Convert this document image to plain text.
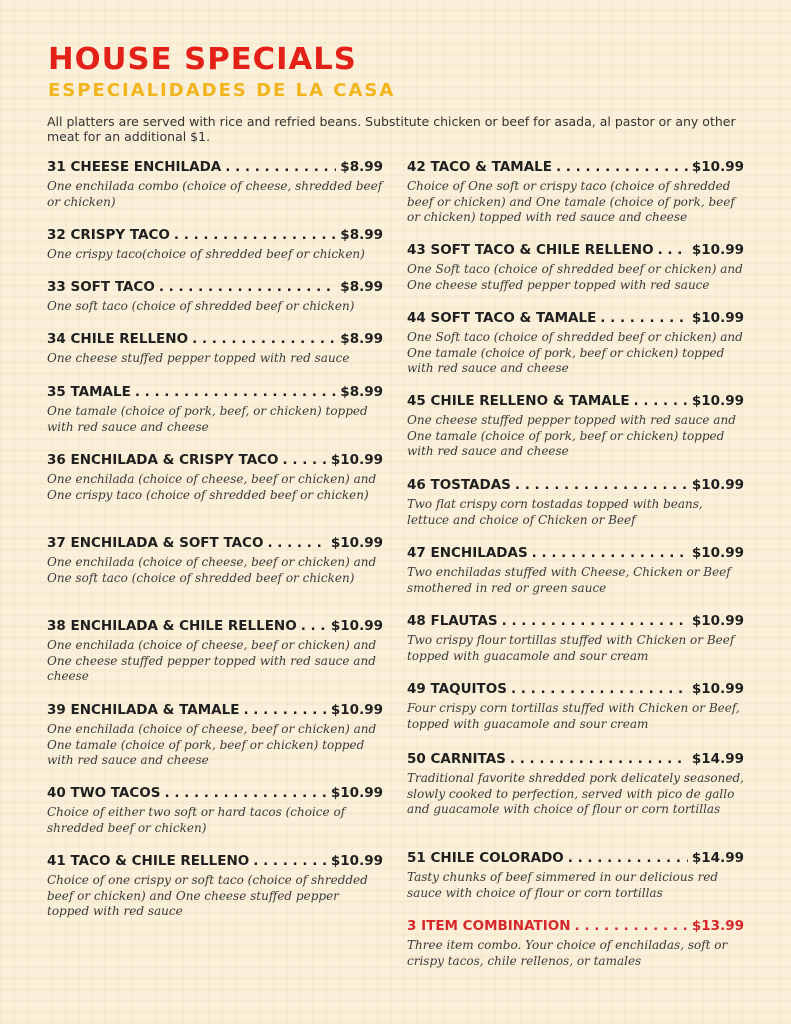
HOUSE SPECIALS
ESPECIALIDADES DE LA CASA
All platters are served with rice and refried beans. Substitute chicken or beef for asada, al pastor or any other meat for an additional $1.
31 CHEESE ENCHILADA . . .	$8.99
One enchilada combo (choice of cheese, shredded beef or chicken)
32 CRISPY TACO . . .	$8.99
One crispy taco(choice of shredded beef or chicken)
33 SOFT TACO . . .	$8.99
One soft taco (choice of shredded beef or chicken)
34 CHILE RELLENO . . .	$8.99
One cheese stuffed pepper topped with red sauce
35 TAMALE . . .	$8.99
One tamale (choice of pork, beef, or chicken) topped with red sauce and cheese
36 ENCHILADA & CRISPY TACO . . .	$10.99
One enchilada (choice of cheese, beef or chicken) and One crispy taco (choice of shredded beef or chicken)
37 ENCHILADA & SOFT TACO . . .	$10.99
One enchilada (choice of cheese, beef or chicken) and One soft taco (choice of shredded beef or chicken)
38 ENCHILADA & CHILE RELLENO . . .	$10.99
One enchilada (choice of cheese, beef or chicken) and One cheese stuffed pepper topped with red sauce and cheese
39 ENCHILADA & TAMALE . . .	$10.99
One enchilada (choice of cheese, beef or chicken) and One tamale (choice of pork, beef or chicken) topped with red sauce and cheese
40 TWO TACOS . . .	$10.99
Choice of either two soft or hard tacos (choice of shredded beef or chicken)
41 TACO & CHILE RELLENO . . .	$10.99
Choice of one crispy or soft taco (choice of shredded beef or chicken) and One cheese stuffed pepper topped with red sauce
42 TACO & TAMALE . . .	$10.99
Choice of One soft or crispy taco (choice of shredded beef or chicken) and One tamale (choice of pork, beef or chicken) topped with red sauce and cheese
43 SOFT TACO & CHILE RELLENO . . .	$10.99
One Soft taco (choice of shredded beef or chicken) and One cheese stuffed pepper topped with red sauce
44 SOFT TACO & TAMALE . . .	$10.99
One Soft taco (choice of shredded beef or chicken) and One tamale (choice of pork, beef or chicken) topped with red sauce and cheese
45 CHILE RELLENO & TAMALE . . .	$10.99
One cheese stuffed pepper topped with red sauce and One tamale (choice of pork, beef or chicken) topped with red sauce and cheese
46 TOSTADAS . . .	$10.99
Two flat crispy corn tostadas topped with beans, lettuce and choice of Chicken or Beef
47 ENCHILADAS . . .	$10.99
Two enchiladas stuffed with Cheese, Chicken or Beef smothered in red or green sauce
48 FLAUTAS . . .	$10.99
Two crispy flour tortillas stuffed with Chicken or Beef topped with guacamole and sour cream
49 TAQUITOS . . .	$10.99
Four crispy corn tortillas stuffed with Chicken or Beef, topped with guacamole and sour cream
50 CARNITAS . . .	$14.99
Traditional favorite shredded pork delicately seasoned, slowly cooked to perfection, served with pico de gallo and guacamole with choice of flour or corn tortillas
51 CHILE COLORADO . . .	$14.99
Tasty chunks of beef simmered in our delicious red sauce with choice of flour or corn tortillas
3 ITEM COMBINATION . . .	$13.99
Three item combo. Your choice of enchiladas, soft or crispy tacos, chile rellenos, or tamales
